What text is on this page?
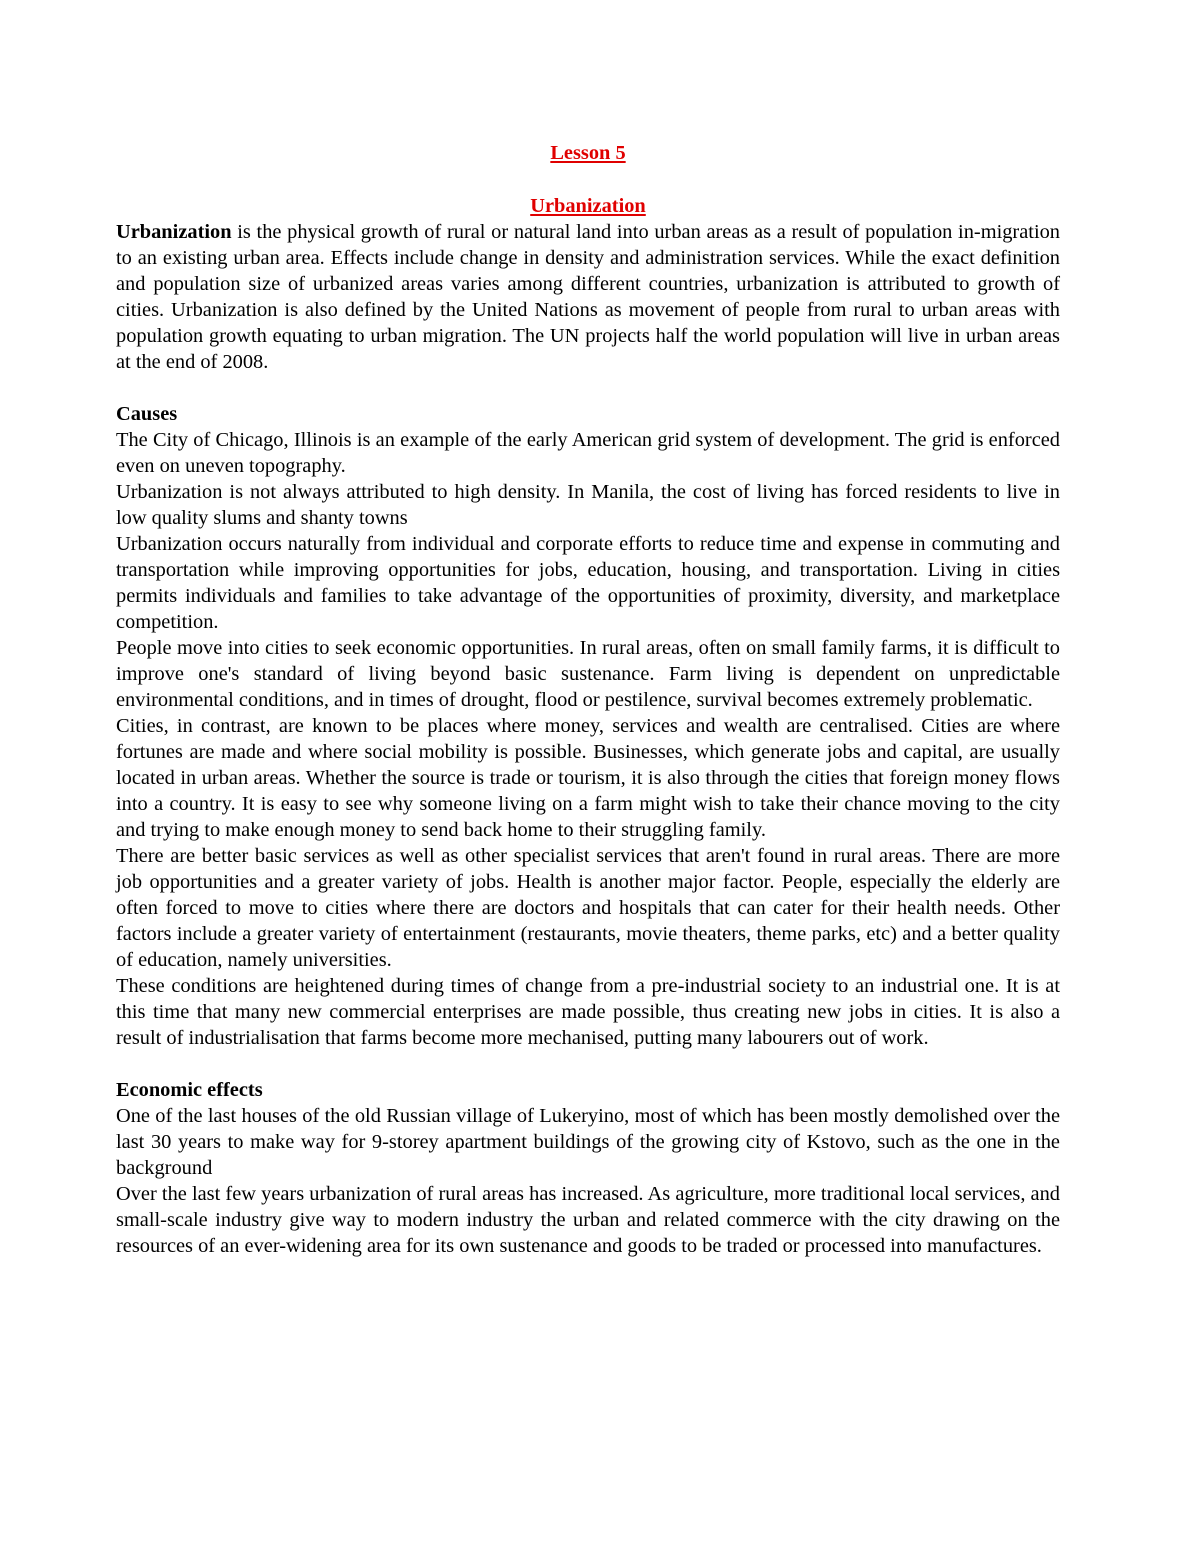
Lesson 5
Urbanization

Urbanization is the physical growth of rural or natural land into urban areas as a result of population in-migration to an existing urban area. Effects include change in density and administration services. While the exact definition and population size of urbanized areas varies among different countries, urbanization is attributed to growth of cities. Urbanization is also defined by the United Nations as movement of people from rural to urban areas with population growth equating to urban migration. The UN projects half the world population will live in urban areas at the end of 2008.

Causes

The City of Chicago, Illinois is an example of the early American grid system of development. The grid is enforced even on uneven topography.

Urbanization is not always attributed to high density. In Manila, the cost of living has forced residents to live in low quality slums and shanty towns

Urbanization occurs naturally from individual and corporate efforts to reduce time and expense in commuting and transportation while improving opportunities for jobs, education, housing, and transportation. Living in cities permits individuals and families to take advantage of the opportunities of proximity, diversity, and marketplace competition.

People move into cities to seek economic opportunities. In rural areas, often on small family farms, it is difficult to improve one's standard of living beyond basic sustenance. Farm living is dependent on unpredictable environmental conditions, and in times of drought, flood or pestilence, survival becomes extremely problematic.

Cities, in contrast, are known to be places where money, services and wealth are centralised. Cities are where fortunes are made and where social mobility is possible. Businesses, which generate jobs and capital, are usually located in urban areas. Whether the source is trade or tourism, it is also through the cities that foreign money flows into a country. It is easy to see why someone living on a farm might wish to take their chance moving to the city and trying to make enough money to send back home to their struggling family.

There are better basic services as well as other specialist services that aren't found in rural areas. There are more job opportunities and a greater variety of jobs. Health is another major factor. People, especially the elderly are often forced to move to cities where there are doctors and hospitals that can cater for their health needs. Other factors include a greater variety of entertainment (restaurants, movie theaters, theme parks, etc) and a better quality of education, namely universities.

These conditions are heightened during times of change from a pre-industrial society to an industrial one. It is at this time that many new commercial enterprises are made possible, thus creating new jobs in cities. It is also a result of industrialisation that farms become more mechanised, putting many labourers out of work.

Economic effects

One of the last houses of the old Russian village of Lukeryino, most of which has been mostly demolished over the last 30 years to make way for 9-storey apartment buildings of the growing city of Kstovo, such as the one in the background

Over the last few years urbanization of rural areas has increased. As agriculture, more traditional local services, and small-scale industry give way to modern industry the urban and related commerce with the city drawing on the resources of an ever-widening area for its own sustenance and goods to be traded or processed into manufactures.
